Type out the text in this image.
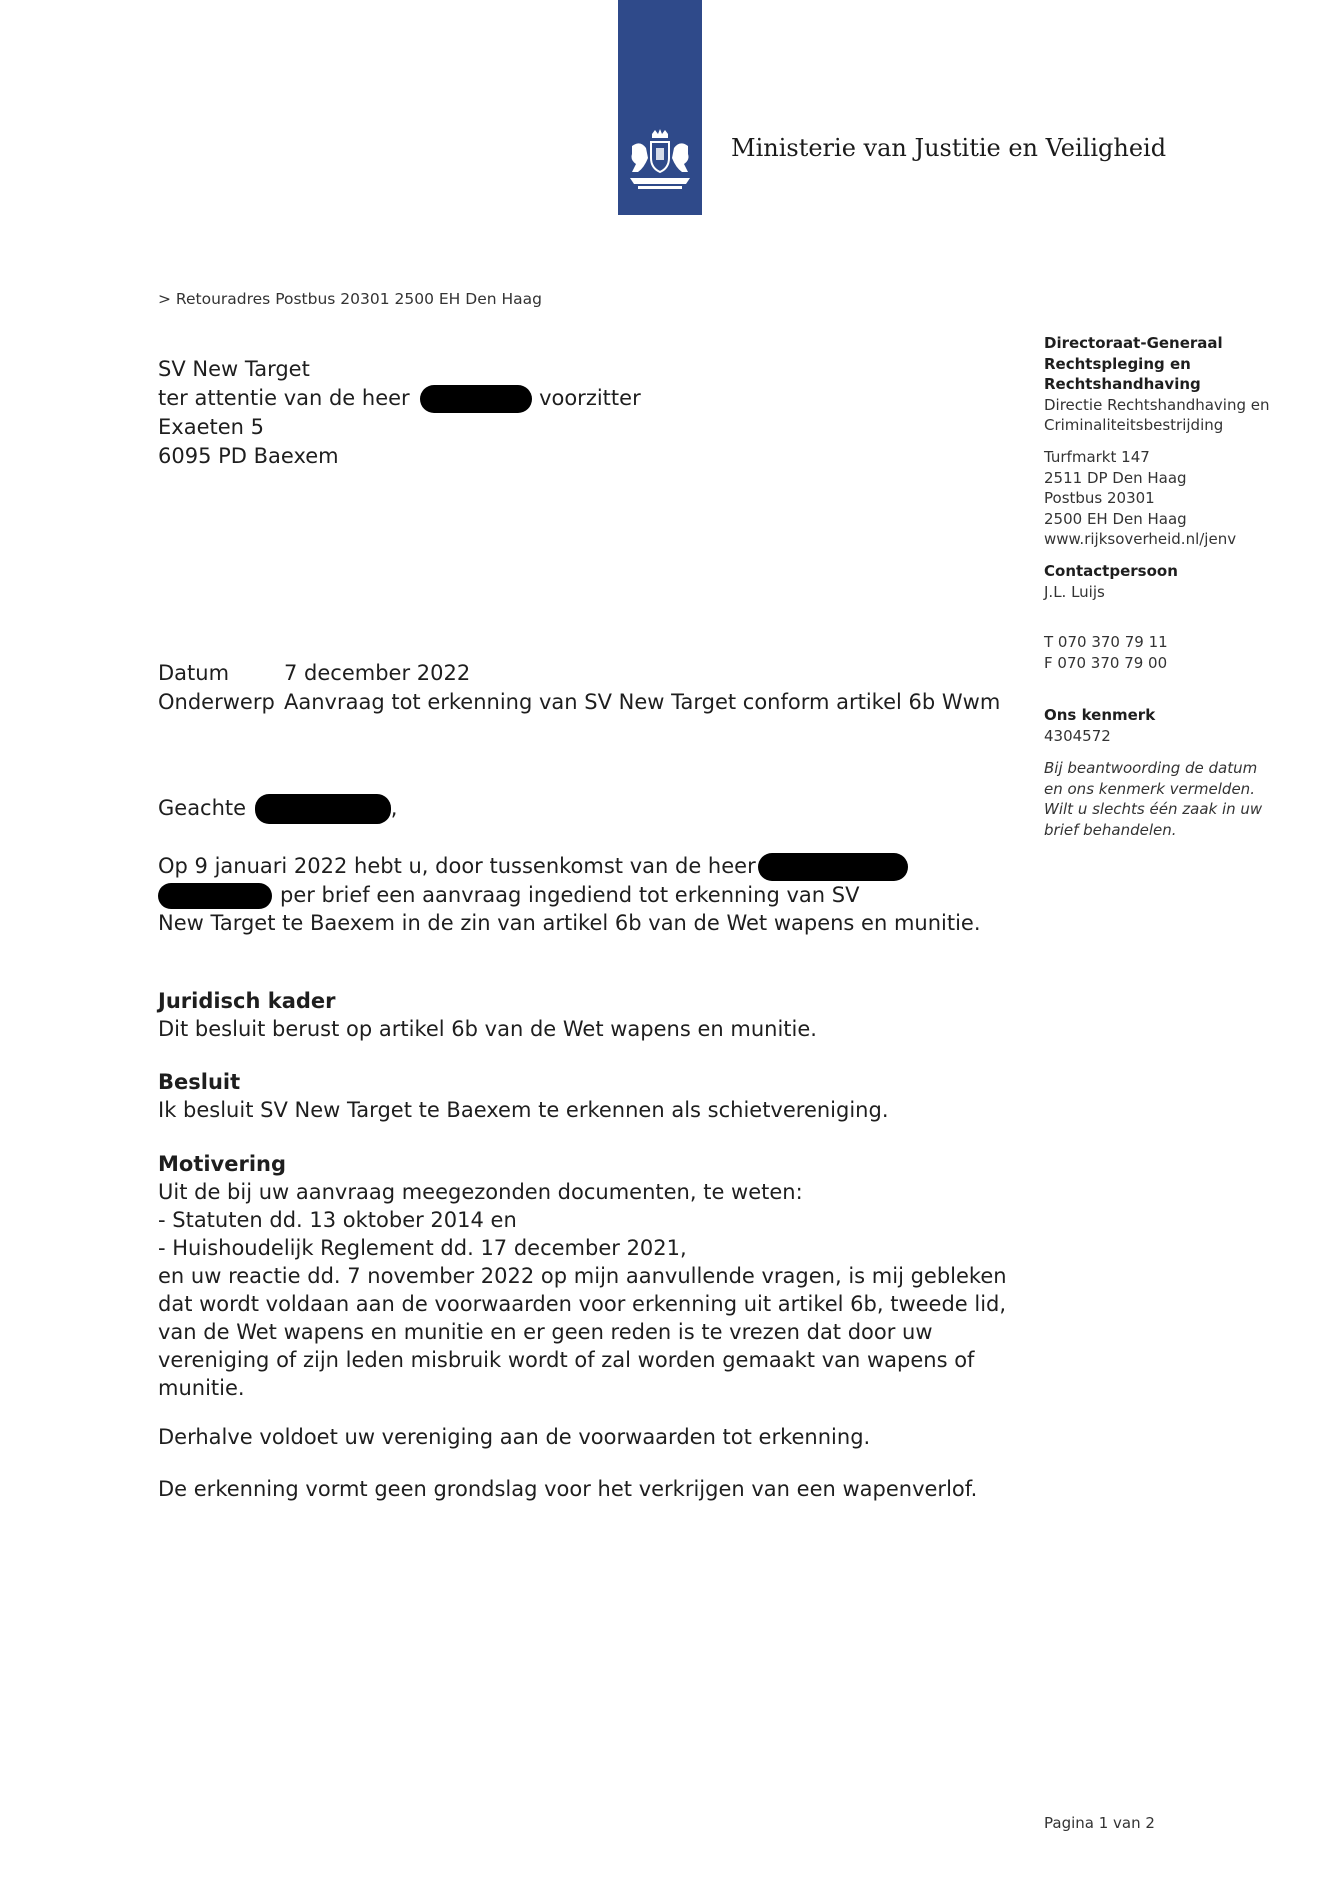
Ministerie van Justitie en Veiligheid
> Retouradres Postbus 20301 2500 EH Den Haag
SV New Target
ter attentie van de heer	voorzitter
Exaeten 5
6095 PD Baexem
Directoraat-Generaal
Rechtspleging en
Rechtshandhaving
Directie Rechtshandhaving en
Criminaliteitsbestrijding
Turfmarkt 147
2511 DP Den Haag
Postbus 20301
2500 EH Den Haag
www.rijksoverheid.nl/jenv
Contactpersoon
J.L. Luijs
T 070 370 79 11
F 070 370 79 00
Ons kenmerk
4304572
Bij beantwoording de datum
en ons kenmerk vermelden.
Wilt u slechts één zaak in uw
brief behandelen.
Datum	7 december 2022
Onderwerp Aanvraag tot erkenning van SV New Target conform artikel 6b Wwm
Geachte	,
Op 9 januari 2022 hebt u, door tussenkomst van de heer
per brief een aanvraag ingediend tot erkenning van SV

New Target te Baexem in de zin van artikel 6b van de Wet wapens en munitie.

Juridisch kader

Dit besluit berust op artikel 6b van de Wet wapens en munitie.

Besluit

Ik besluit SV New Target te Baexem te erkennen als schietvereniging.

Motivering
Uit de bij uw aanvraag meegezonden documenten, te weten:
- Statuten dd. 13 oktober 2014 en
- Huishoudelijk Reglement dd. 17 december 2021,

en uw reactie dd. 7 november 2022 op mijn aanvullende vragen, is mij gebleken dat wordt voldaan aan de voorwaarden voor erkenning uit artikel 6b, tweede lid, van de Wet wapens en munitie en er geen reden is te vrezen dat door uw vereniging of zijn leden misbruik wordt of zal worden gemaakt van wapens of munitie.

Derhalve voldoet uw vereniging aan de voorwaarden tot erkenning.
De erkenning vormt geen grondslag voor het verkrijgen van een wapenverlof.
Pagina 1 van 2
